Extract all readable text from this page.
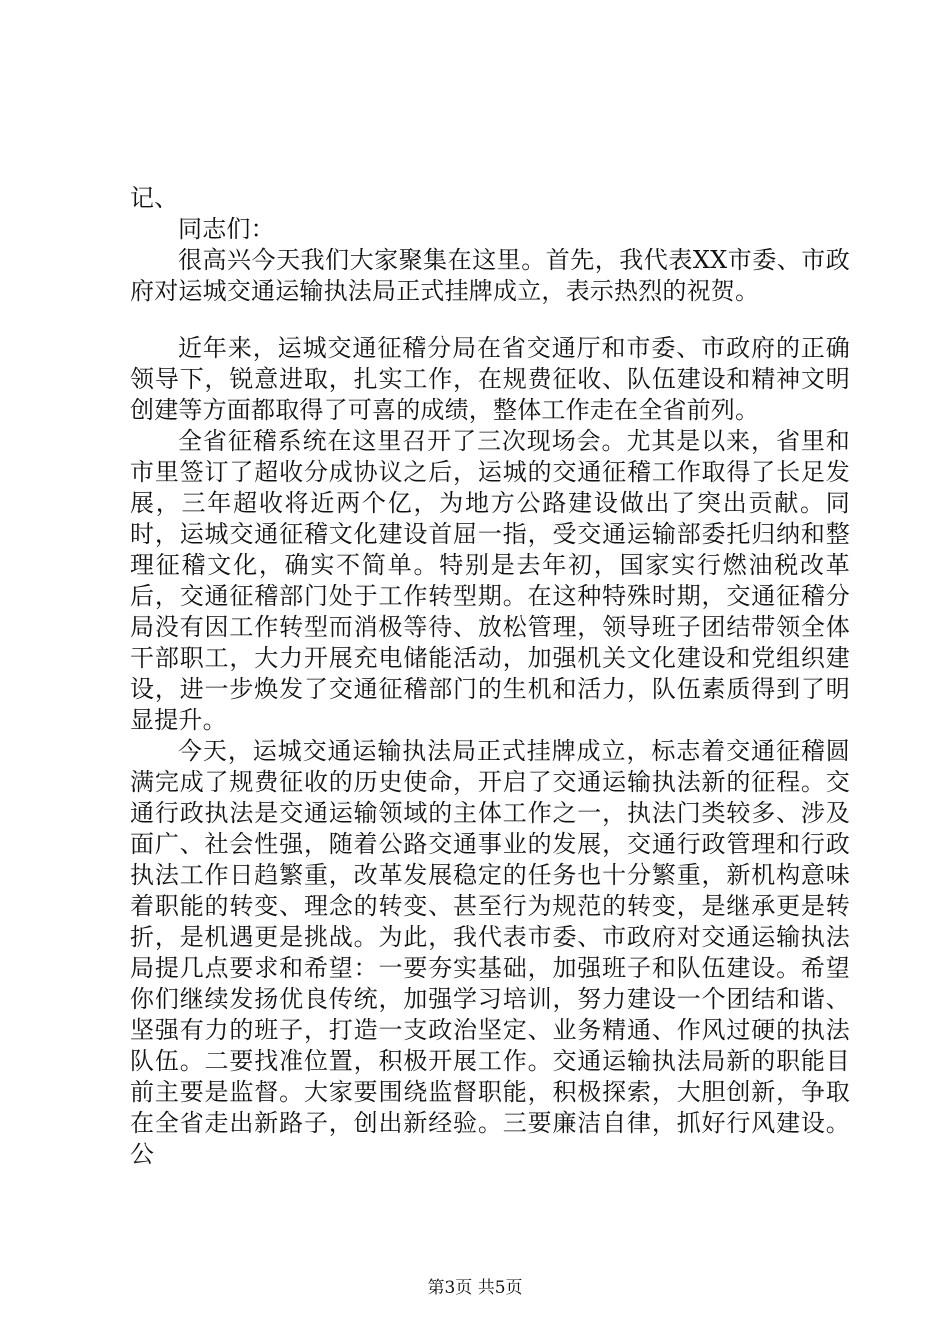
记、

同志们：

很高兴今天我们大家聚集在这里。首先，我代表XX市委、市政府对运城交通运输执法局正式挂牌成立，表示热烈的祝贺。

近年来，运城交通征稽分局在省交通厅和市委、市政府的正确领导下，锐意进取，扎实工作，在规费征收、队伍建设和精神文明创建等方面都取得了可喜的成绩，整体工作走在全省前列。

全省征稽系统在这里召开了三次现场会。尤其是以来，省里和市里签订了超收分成协议之后，运城的交通征稽工作取得了长足发展，三年超收将近两个亿，为地方公路建设做出了突出贡献。同时，运城交通征稽文化建设首屈一指，受交通运输部委托归纳和整理征稽文化，确实不简单。特别是去年初，国家实行燃油税改革后，交通征稽部门处于工作转型期。在这种特殊时期，交通征稽分局没有因工作转型而消极等待、放松管理，领导班子团结带领全体干部职工，大力开展充电储能活动，加强机关文化建设和党组织建设，进一步焕发了交通征稽部门的生机和活力，队伍素质得到了明显提升。

今天，运城交通运输执法局正式挂牌成立，标志着交通征稽圆满完成了规费征收的历史使命，开启了交通运输执法新的征程。交通行政执法是交通运输领域的主体工作之一，执法门类较多、涉及面广、社会性强，随着公路交通事业的发展，交通行政管理和行政执法工作日趋繁重，改革发展稳定的任务也十分繁重，新机构意味着职能的转变、理念的转变、甚至行为规范的转变，是继承更是转折，是机遇更是挑战。为此，我代表市委、市政府对交通运输执法局提几点要求和希望：一要夯实基础，加强班子和队伍建设。希望你们继续发扬优良传统，加强学习培训，努力建设一个团结和谐、坚强有力的班子，打造一支政治坚定、业务精通、作风过硬的执法队伍。二要找准位置，积极开展工作。交通运输执法局新的职能目前主要是监督。大家要围绕监督职能，积极探索，大胆创新，争取在全省走出新路子，创出新经验。三要廉洁自律，抓好行风建设。公

第3页 共5页
